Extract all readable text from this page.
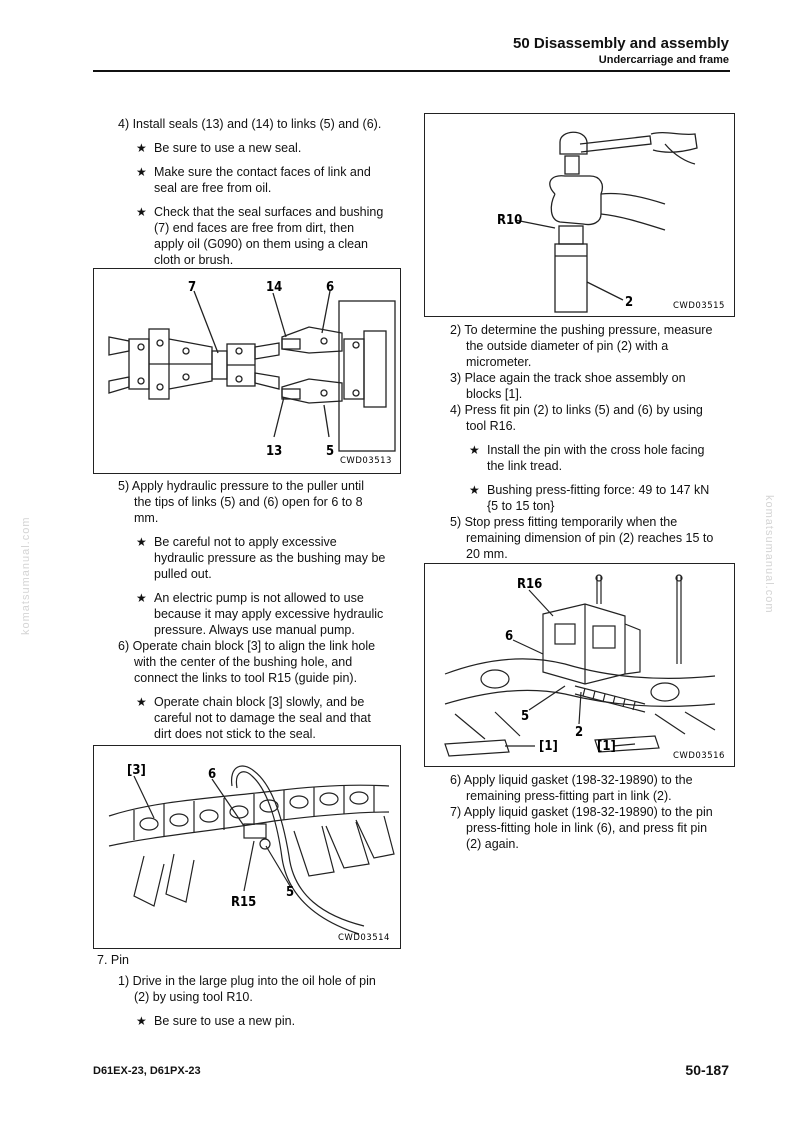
50 Disassembly and assembly
Undercarriage and frame
komatsumanual.com	komatsumanual.com
4) Install seals (13) and (14) to links (5) and (6).
★ Be sure to use a new seal.
★ Make sure the contact faces of link and
seal are free from oil.
★ Check that the seal surfaces and bushing
(7) end faces are free from dirt, then
apply oil (G090) on them using a clean
cloth or brush.
7	14	6
13	5
CWD03513
5) Apply hydraulic pressure to the puller until
the tips of links (5) and (6) open for 6 to 8
mm.
★ Be careful not to apply excessive
hydraulic pressure as the bushing may be
pulled out.
★ An electric pump is not allowed to use
because it may apply excessive hydraulic
pressure. Always use manual pump.
6) Operate chain block [3] to align the link hole
with the center of the bushing hole, and
connect the links to tool R15 (guide pin).
★ Operate chain block [3] slowly, and be
careful not to damage the seal and that
dirt does not stick to the seal.
[3]	6
R15
5
CWD03514
7. Pin
1) Drive in the large plug into the oil hole of pin
(2) by using tool R10.
★ Be sure to use a new pin.
R10
2	CWD03515
2) To determine the pushing pressure, measure
the outside diameter of pin (2) with a
micrometer.
3) Place again the track shoe assembly on
blocks [1].
4) Press fit pin (2) to links (5) and (6) by using
tool R16.
★ Install the pin with the cross hole facing
the link tread.
★ Bushing press-fitting force: 49 to 147 kN
{5 to 15 ton}
5) Stop press fitting temporarily when the
remaining dimension of pin (2) reaches 15 to
20 mm.
R16
6
5
2
[1]	[1]
CWD03516
6) Apply liquid gasket (198-32-19890) to the
remaining press-fitting part in link (2).
7) Apply liquid gasket (198-32-19890) to the pin
press-fitting hole in link (6), and press fit pin
(2) again.
D61EX-23, D61PX-23	50-187
